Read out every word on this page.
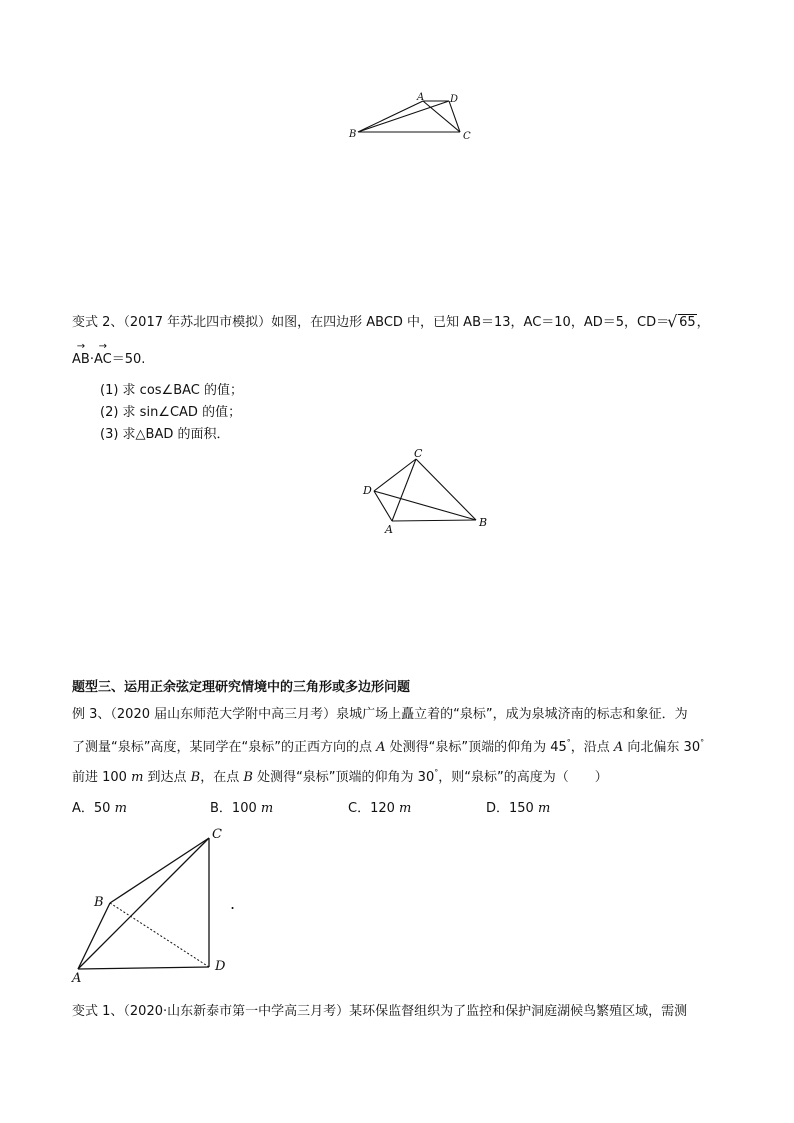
A	D
B	C
变式 2、（2017 年苏北四市模拟）如图，在四边形 ABCD 中，已知 AB＝13，AC＝10，AD＝5，CD＝√ 65，
→ AB·→ AC＝50.
(1) 求 cos∠BAC 的值；
(2) 求 sin∠CAD 的值；
(3) 求△BAD 的面积．
C
D
A
B
题型三、运用正余弦定理研究情境中的三角形或多边形问题
例 3、（2020 届山东师范大学附中高三月考）泉城广场上矗立着的“泉标”，成为泉城济南的标志和象征．为
了测量“泉标”高度，某同学在“泉标”的正西方向的点 A 处测得“泉标”顶端的仰角为 45°，沿点 A 向北偏东 30°
前进 100 m 到达点 B，在点 B 处测得“泉标”顶端的仰角为 30°，则“泉标”的高度为（　　）
A．50 m	B．100 m	C．120 m	D．150 m
C
B
A
D
.
变式 1、（2020·山东新泰市第一中学高三月考）某环保监督组织为了监控和保护洞庭湖候鸟繁殖区域，需测
